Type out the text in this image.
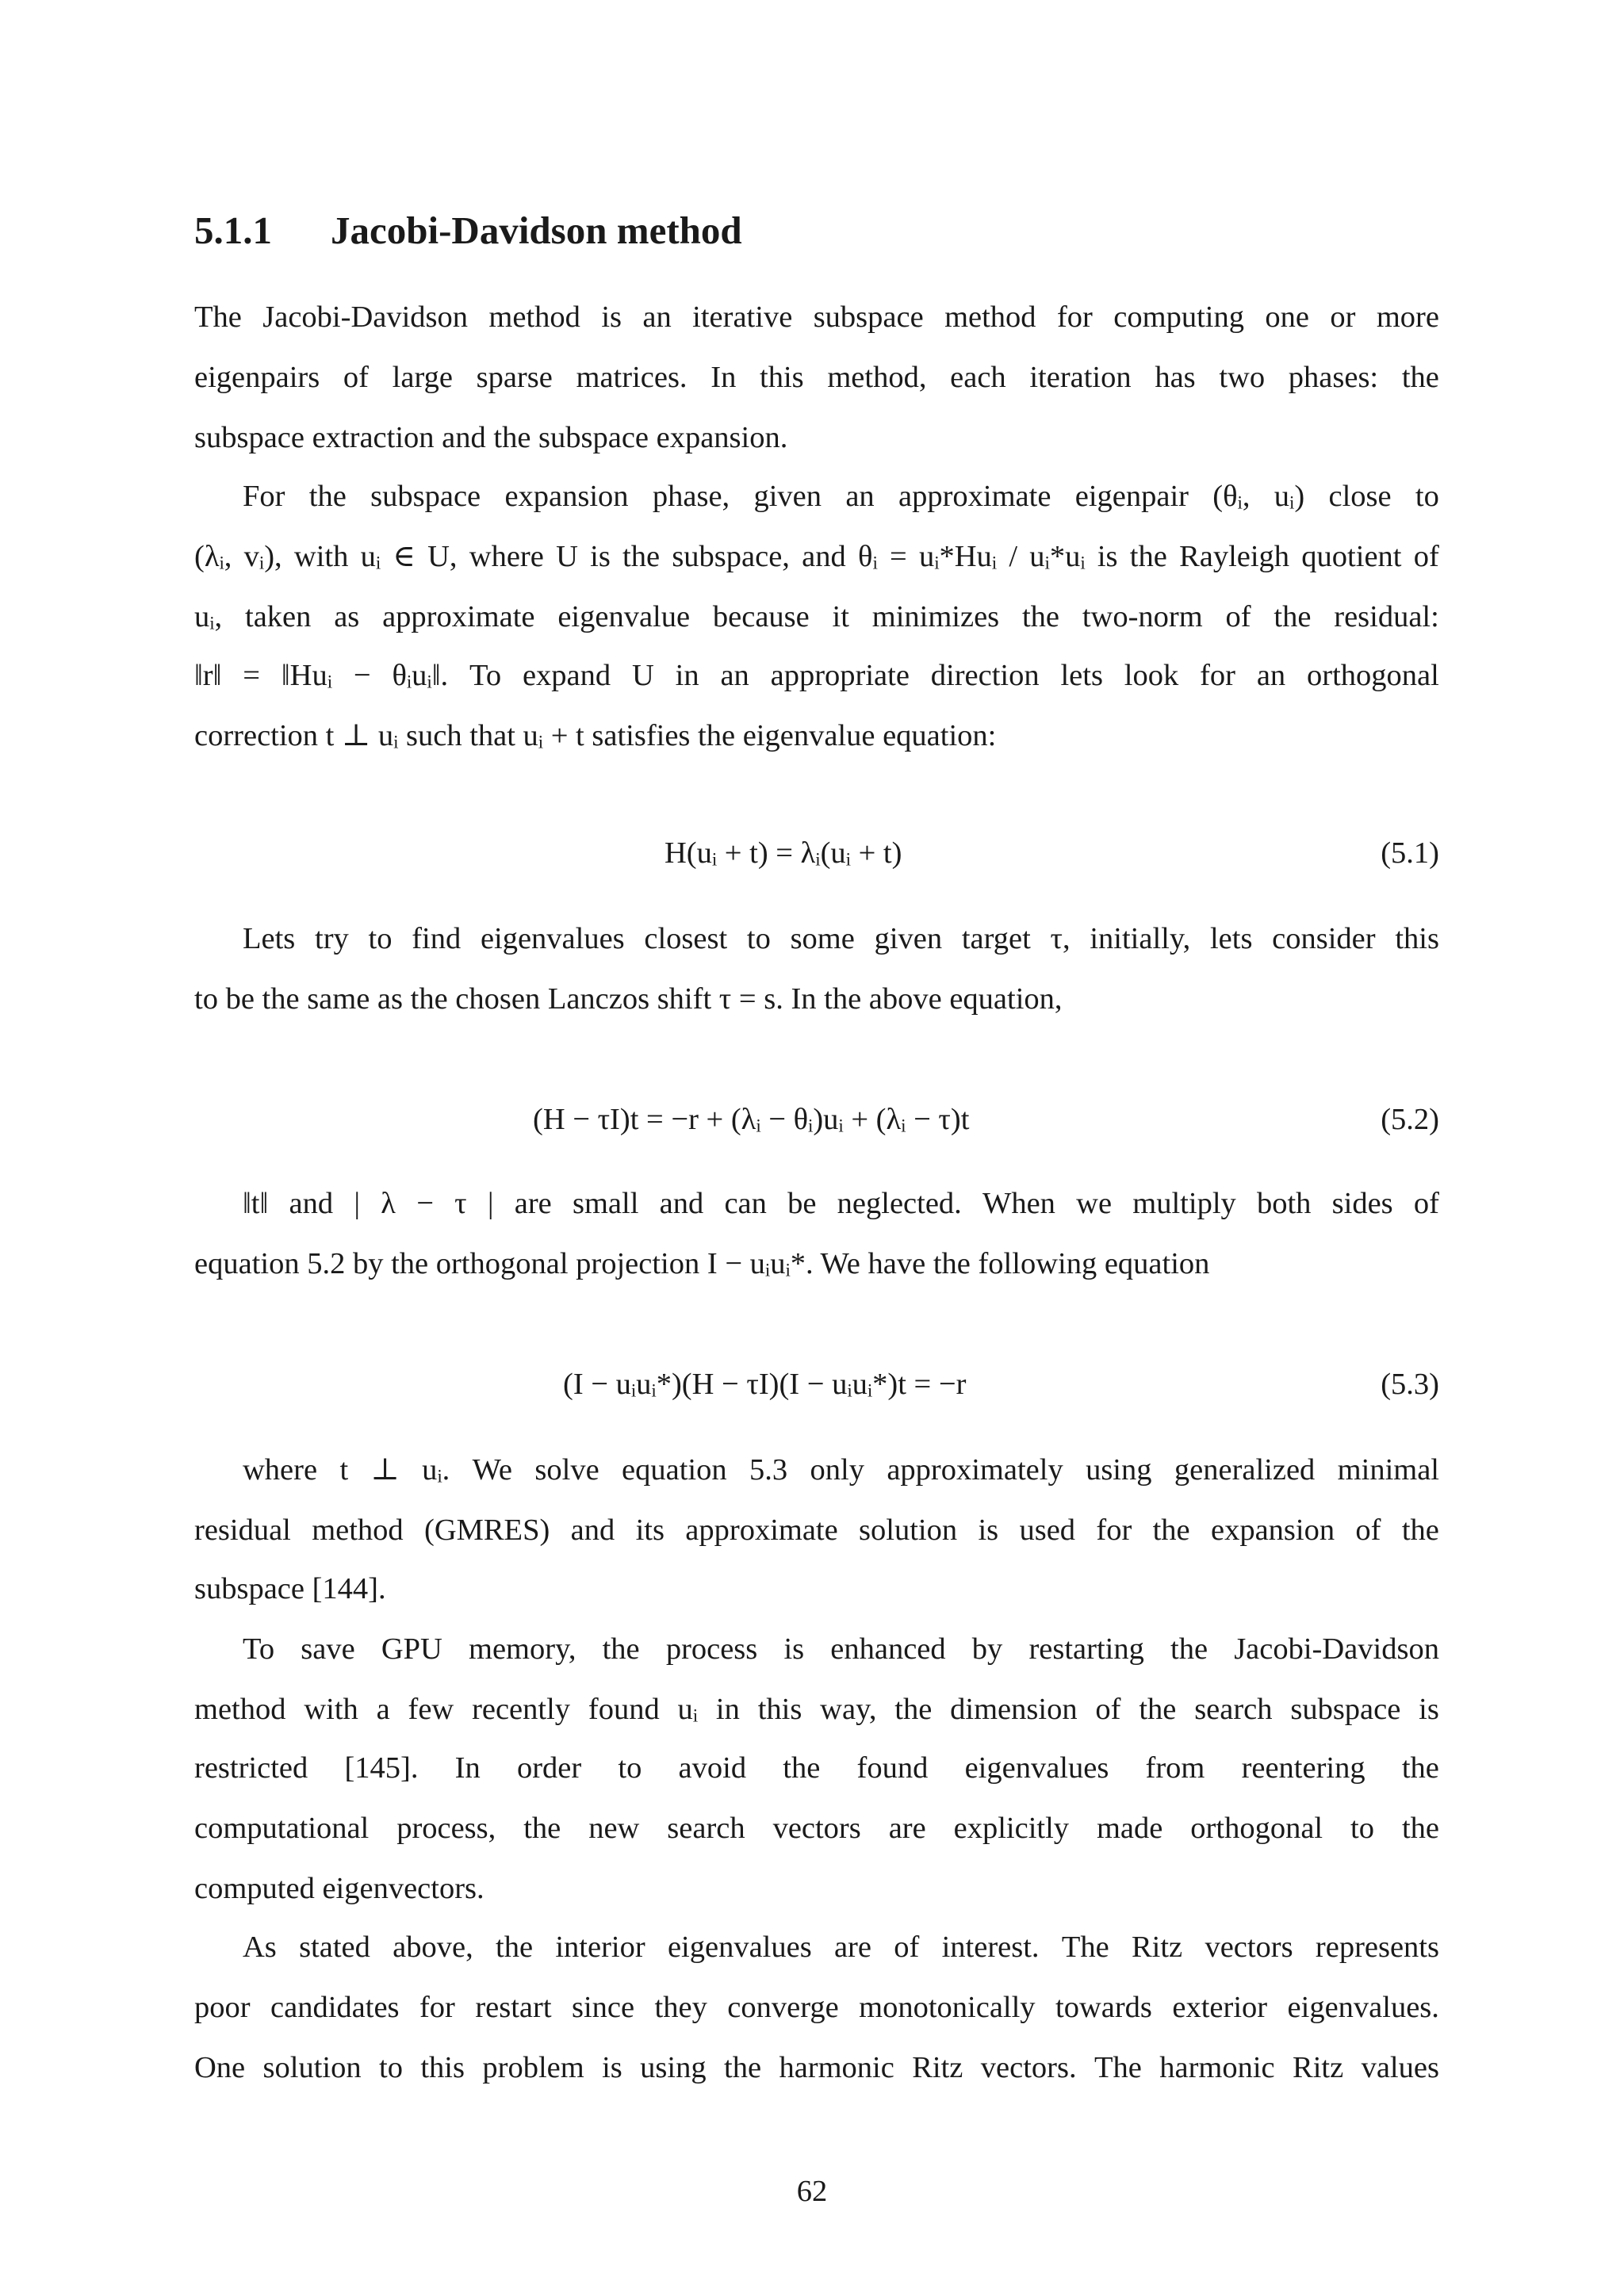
5.1.1 Jacobi-Davidson method
The Jacobi-Davidson method is an iterative subspace method for computing one or more
eigenpairs of large sparse matrices. In this method, each iteration has two phases: the
subspace extraction and the subspace expansion.
For the subspace expansion phase, given an approximate eigenpair (θᵢ, uᵢ) close to
(λᵢ, vᵢ), with uᵢ ∈ U, where U is the subspace, and θᵢ = uᵢ*Huᵢ / uᵢ*uᵢ is the Rayleigh quotient of
uᵢ, taken as approximate eigenvalue because it minimizes the two-norm of the residual:
‖r‖ = ‖Huᵢ − θᵢuᵢ‖. To expand U in an appropriate direction lets look for an orthogonal
correction t ⊥ uᵢ such that uᵢ + t satisfies the eigenvalue equation:
H(uᵢ + t) = λᵢ(uᵢ + t)	(5.1)
Lets try to find eigenvalues closest to some given target τ, initially, lets consider this
to be the same as the chosen Lanczos shift τ = s. In the above equation,
(H − τI)t = −r + (λᵢ − θᵢ)uᵢ + (λᵢ − τ)t	(5.2)
‖t‖ and | λ − τ | are small and can be neglected. When we multiply both sides of
equation 5.2 by the orthogonal projection I − uᵢuᵢ*. We have the following equation
(I − uᵢuᵢ*)(H − τI)(I − uᵢuᵢ*)t = −r	(5.3)
where t ⊥ uᵢ. We solve equation 5.3 only approximately using generalized minimal
residual method (GMRES) and its approximate solution is used for the expansion of the
subspace [144].
To save GPU memory, the process is enhanced by restarting the Jacobi-Davidson
method with a few recently found uᵢ in this way, the dimension of the search subspace is
restricted [145]. In order to avoid the found eigenvalues from reentering the
computational process, the new search vectors are explicitly made orthogonal to the
computed eigenvectors.
As stated above, the interior eigenvalues are of interest. The Ritz vectors represents
poor candidates for restart since they converge monotonically towards exterior eigenvalues.
One solution to this problem is using the harmonic Ritz vectors. The harmonic Ritz values
62
